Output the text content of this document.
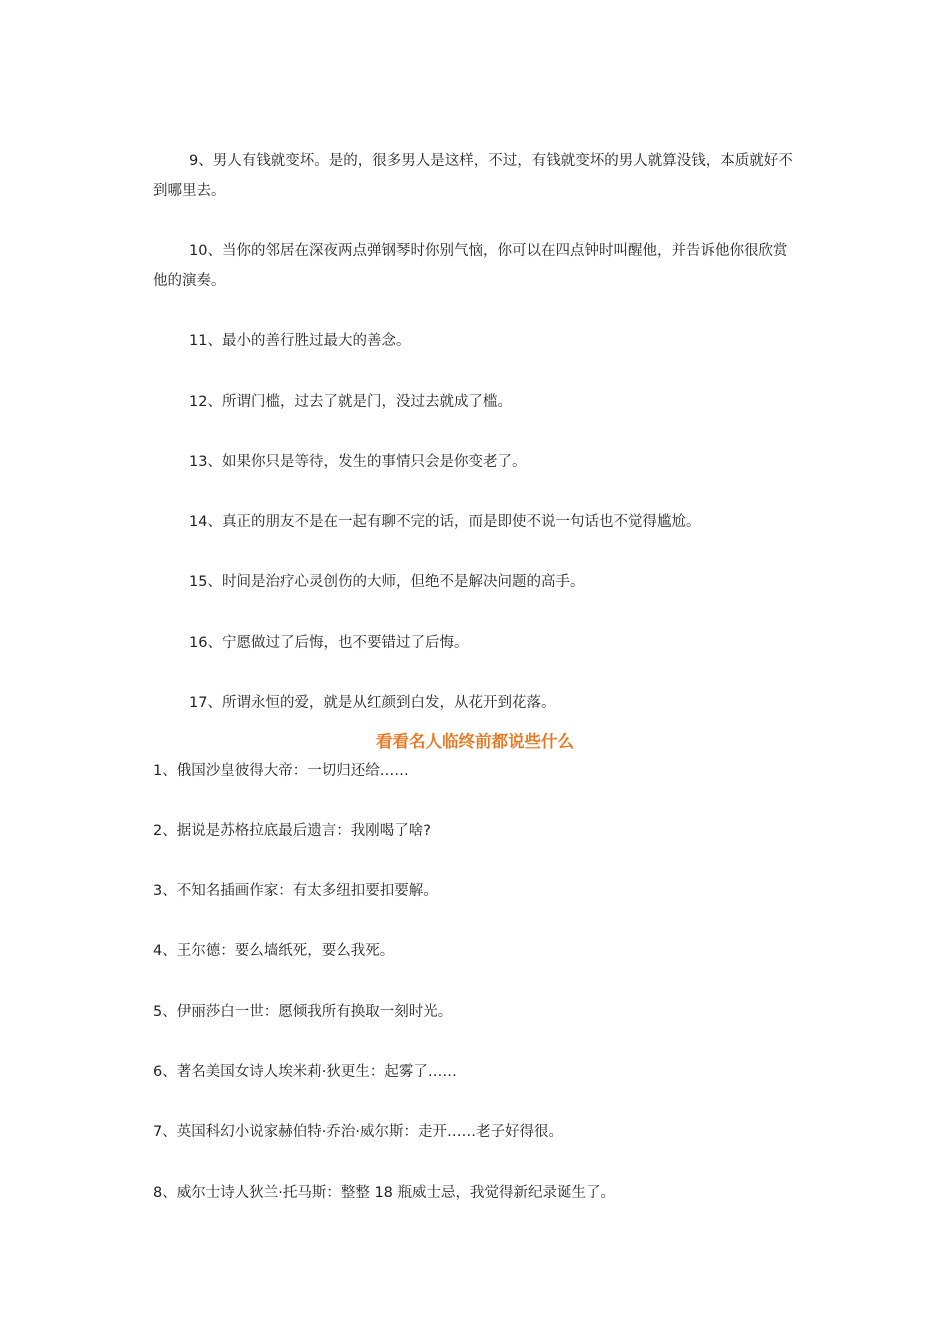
9、男人有钱就变坏。是的，很多男人是这样，不过，有钱就变坏的男人就算没钱，本质就好不到哪里去。

10、当你的邻居在深夜两点弹钢琴时你别气恼，你可以在四点钟时叫醒他，并告诉他你很欣赏他的演奏。

11、最小的善行胜过最大的善念。

12、所谓门槛，过去了就是门，没过去就成了槛。

13、如果你只是等待，发生的事情只会是你变老了。

14、真正的朋友不是在一起有聊不完的话，而是即使不说一句话也不觉得尴尬。

15、时间是治疗心灵创伤的大师，但绝不是解决问题的高手。

16、宁愿做过了后悔，也不要错过了后悔。

17、所谓永恒的爱，就是从红颜到白发，从花开到花落。

看看名人临终前都说些什么

1、俄国沙皇彼得大帝：一切归还给……

2、据说是苏格拉底最后遗言：我刚喝了啥?

3、不知名插画作家：有太多纽扣要扣要解。

4、王尔德：要么墙纸死，要么我死。

5、伊丽莎白一世：愿倾我所有换取一刻时光。

6、著名美国女诗人埃米莉·狄更生：起雾了……

7、英国科幻小说家赫伯特·乔治·威尔斯：走开……老子好得很。

8、威尔士诗人狄兰·托马斯：整整 18 瓶威士忌，我觉得新纪录诞生了。
